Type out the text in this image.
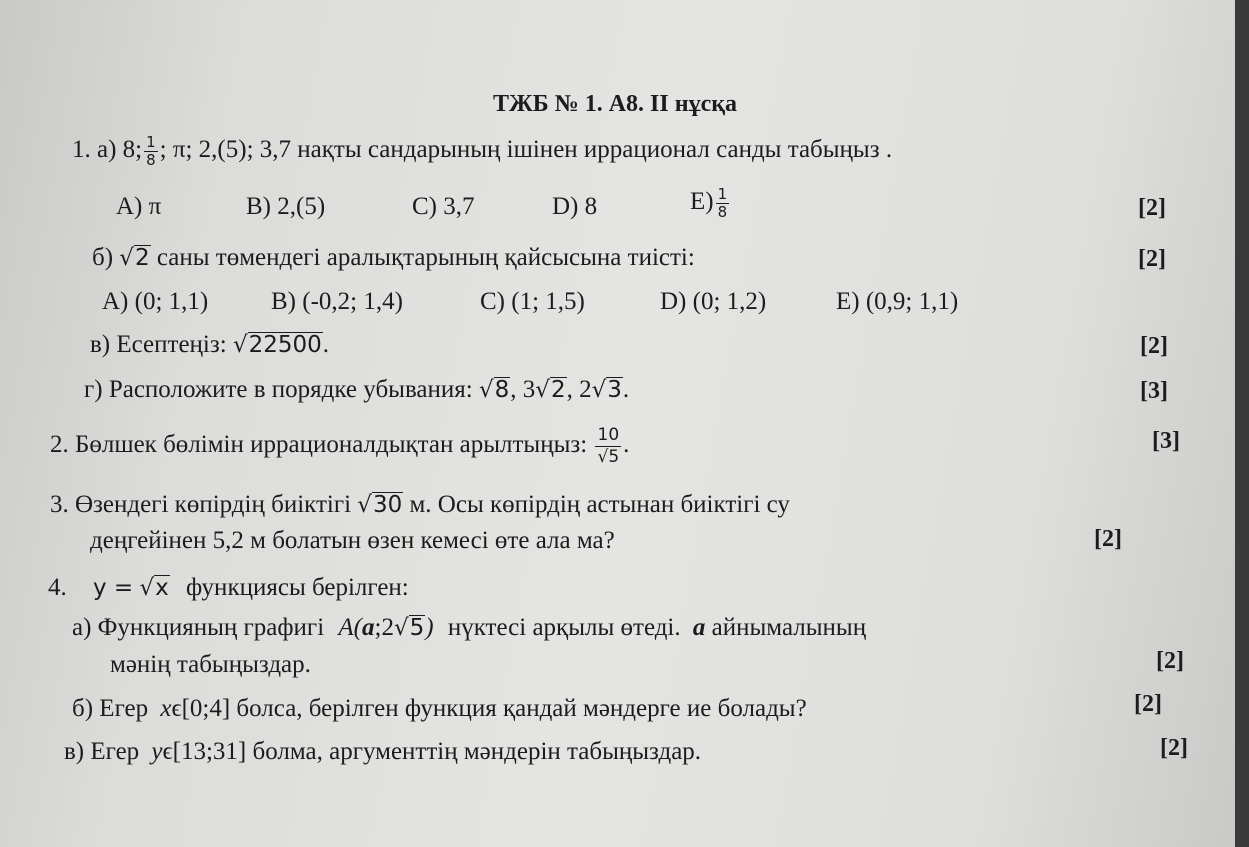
ТЖБ № 1. А8. ІІ нұсқа
1. а) 8; $\frac{1}{8}$ ; π; 2,(5); 3,7 нақты сандарының ішінен иррационал санды табыңыз .
A) π	B) 2,(5)	C) 3,7	D) 8	$E) \frac{1}{8}$	[2]
б) √2 саны төмендегі аралықтарының қайсысына тиісті:	[2]
A) (0; 1,1)	B) (-0,2; 1,4)	C) (1; 1,5)	D) (0; 1,2)	E) (0,9; 1,1)
в) Есептеңіз: √22500.	[2]
г) Расположите в порядке убывания: √8, 3√2, 2√3.	[3]
2. Бөлшек бөлімін иррационалдықтан арылтыңыз: $\frac{10}{√5}$ .	[3]
3. Өзендегі көпірдің биіктігі √30 м. Осы көпірдің астынан биіктігі су
деңгейінен 5,2 м болатын өзен кемесі өте ала ма?	[2]
4. y = √x функциясы берілген:
а) Функцияның графигі A(a;2√5) нүктесі арқылы өтеді. a айнымалының
мәнің табыңыздар.	[2]
б) Егер xϵ[0;4] болса, берілген функция қандай мәндерге ие болады?	[2]
в) Егер yϵ[13;31] болма, аргументтің мәндерін табыңыздар.	[2]
